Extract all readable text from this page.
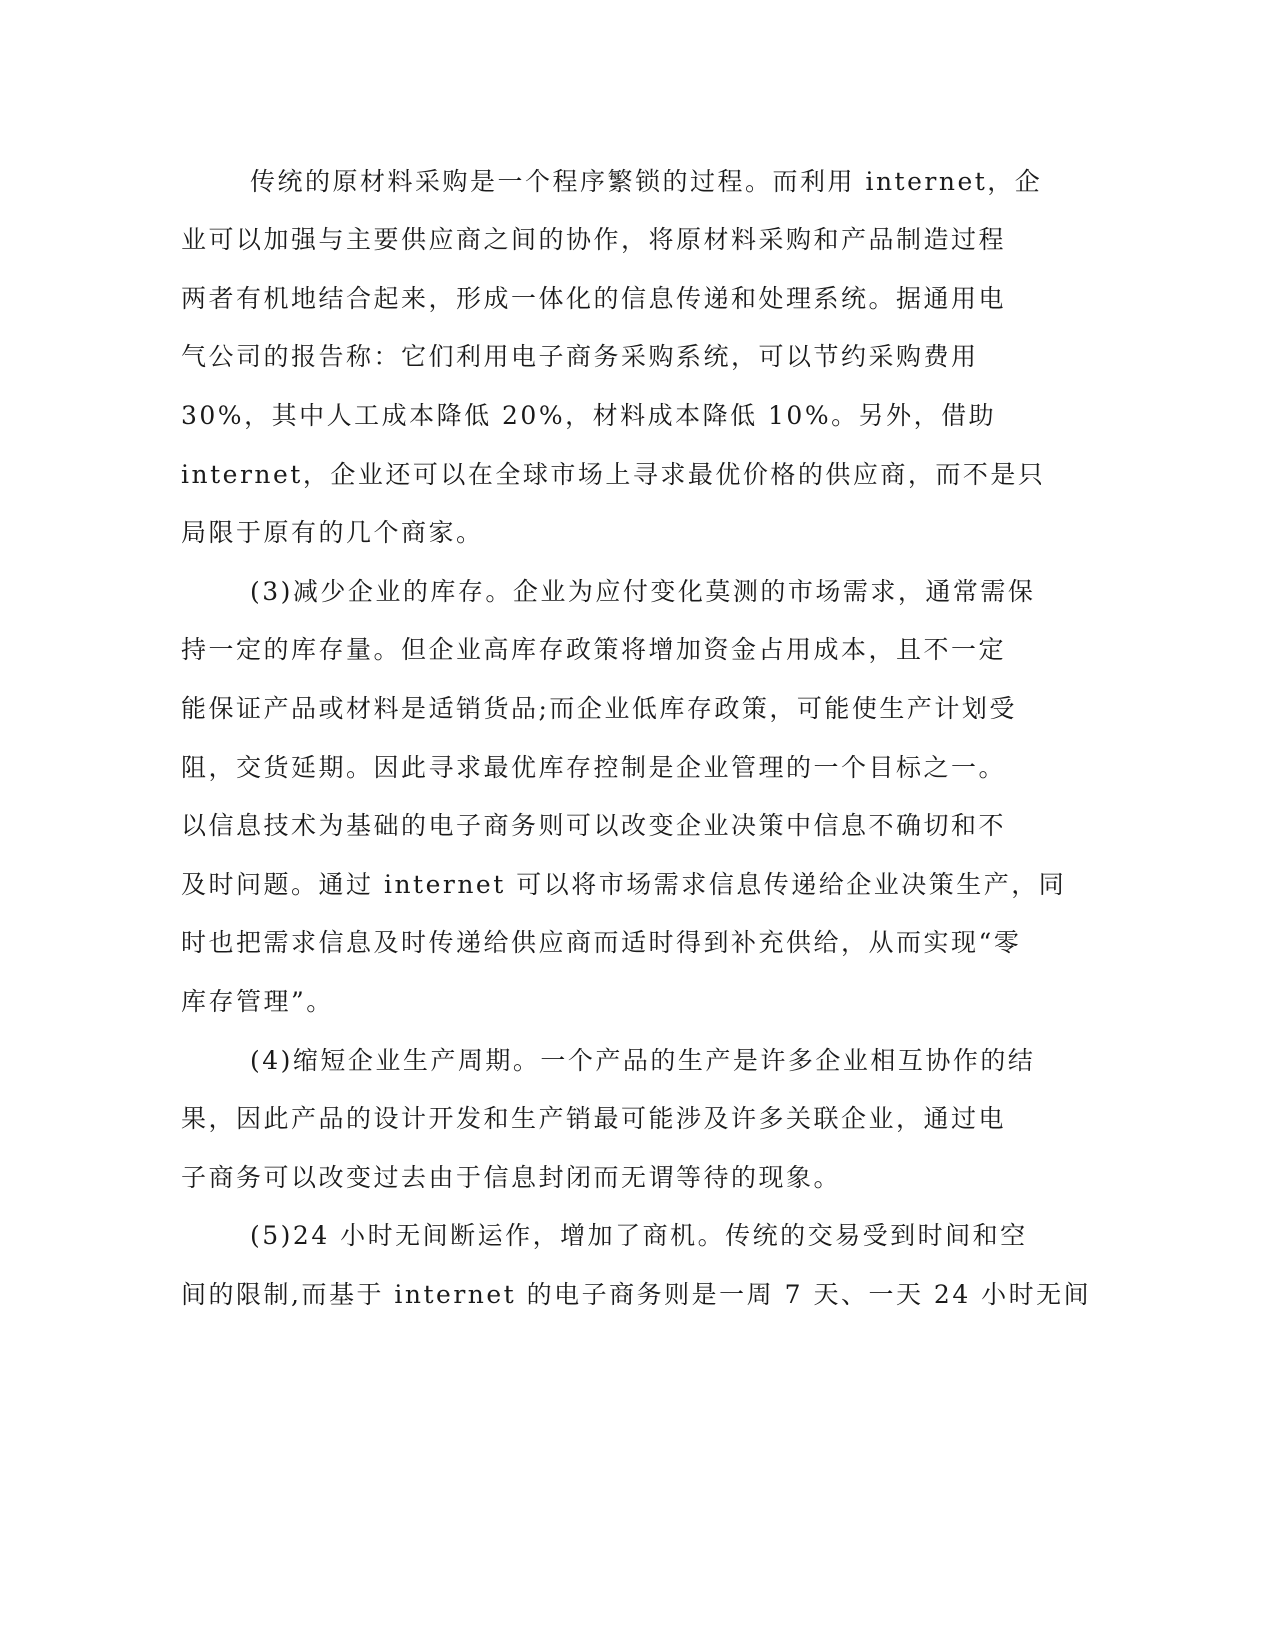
传统的原材料采购是一个程序繁锁的过程。而利用 internet，企
业可以加强与主要供应商之间的协作，将原材料采购和产品制造过程
两者有机地结合起来，形成一体化的信息传递和处理系统。据通用电
气公司的报告称：它们利用电子商务采购系统，可以节约采购费用
30%，其中人工成本降低 20%，材料成本降低 10%。另外，借助
internet，企业还可以在全球市场上寻求最优价格的供应商，而不是只
局限于原有的几个商家。
(3)减少企业的库存。企业为应付变化莫测的市场需求，通常需保
持一定的库存量。但企业高库存政策将增加资金占用成本，且不一定
能保证产品或材料是适销货品;而企业低库存政策，可能使生产计划受
阻，交货延期。因此寻求最优库存控制是企业管理的一个目标之一。
以信息技术为基础的电子商务则可以改变企业决策中信息不确切和不
及时问题。通过 internet 可以将市场需求信息传递给企业决策生产，同
时也把需求信息及时传递给供应商而适时得到补充供给，从而实现“零
库存管理”。
(4)缩短企业生产周期。一个产品的生产是许多企业相互协作的结
果，因此产品的设计开发和生产销最可能涉及许多关联企业，通过电
子商务可以改变过去由于信息封闭而无谓等待的现象。
(5)24 小时无间断运作，增加了商机。传统的交易受到时间和空
间的限制,而基于 internet 的电子商务则是一周 7 天、一天 24 小时无间
